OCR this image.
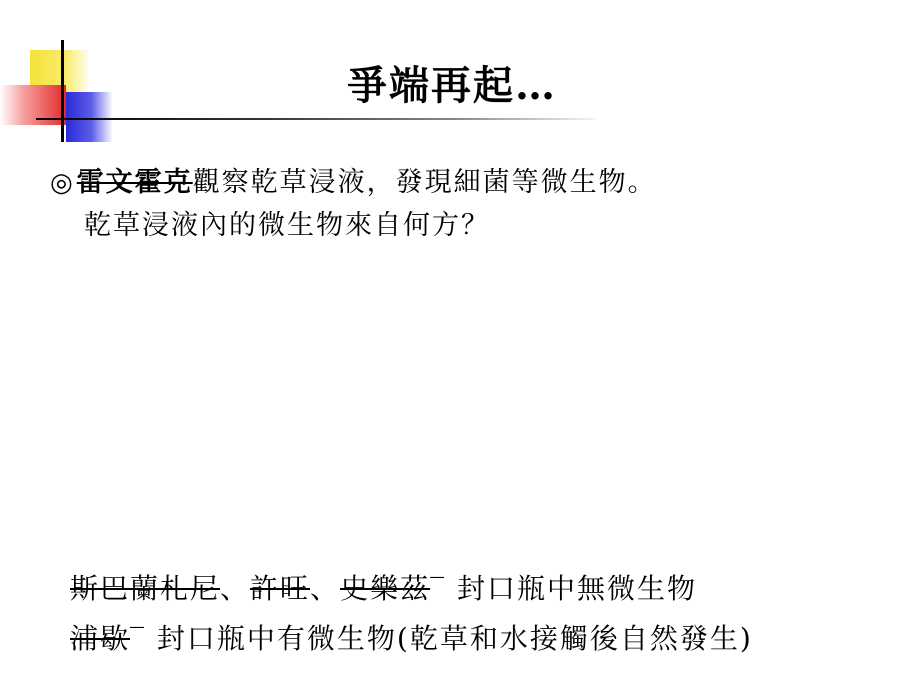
爭端再起…
◎雷文霍克觀察乾草浸液，發現細菌等微生物。
乾草浸液內的微生物來自何方？
斯巴蘭札尼、許旺、史樂茲‾ 封口瓶中無微生物
浦歇‾ 封口瓶中有微生物(乾草和水接觸後自然發生)
